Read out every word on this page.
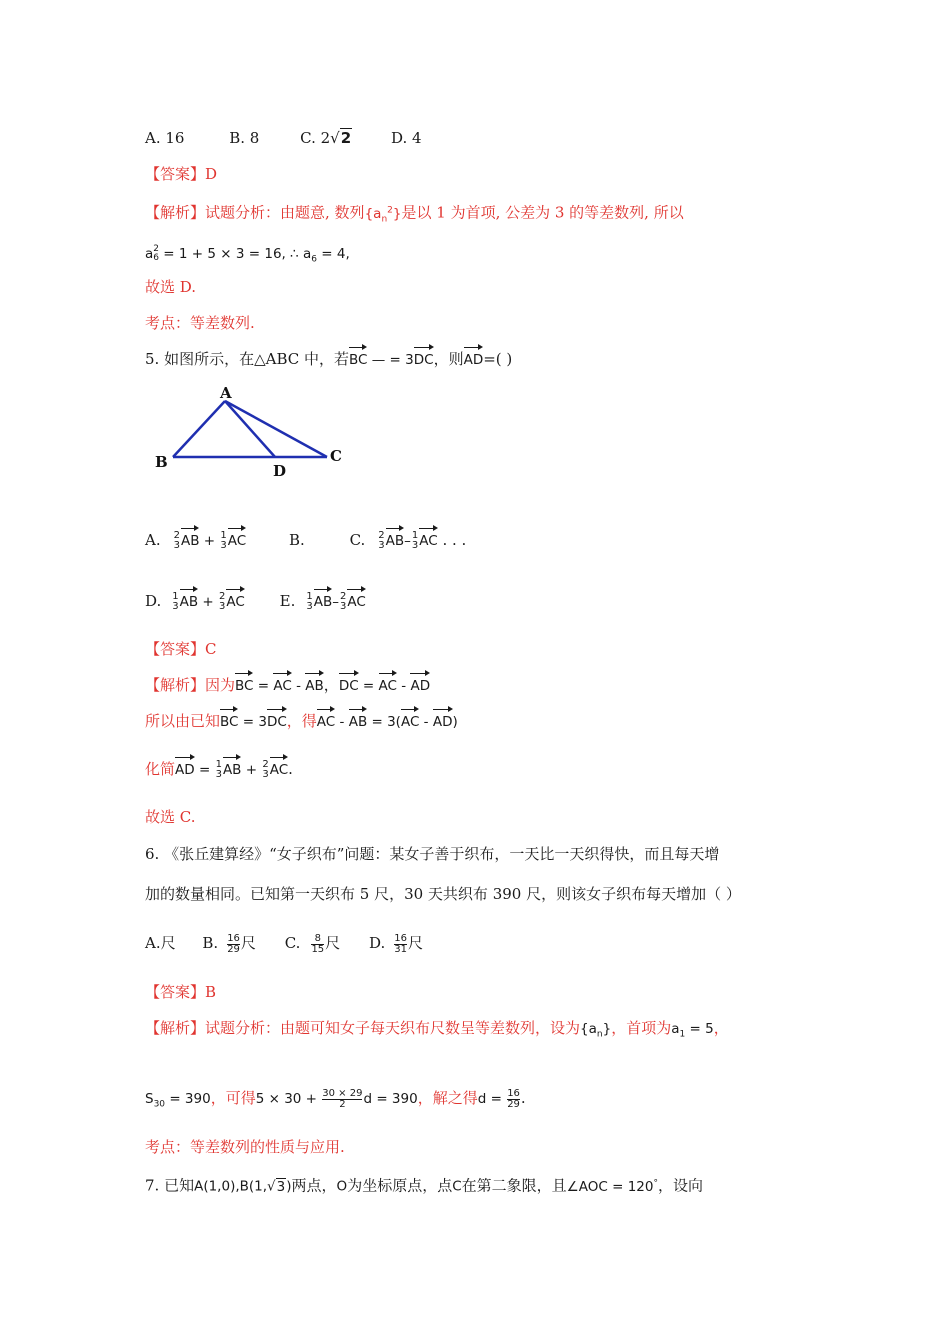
A. 16	B. 8	C. 2√2	D. 4
【答案】D
【解析】试题分析：由题意, 数列$\{a_n^2\}$是以 1 为首项, 公差为 3 的等差数列, 所以
a 2
6 = 1 + 5 × 3 = 16, ∴ $a_6 = 4$,
故选 D.
考点：等差数列.
5. 如图所示，在△ABC 中，若BC — = 3DC，则AD=( )
A
B	C
D
A. 2
3 AB + 1
3 AC	B.	C. 2
3 AB– 1
3 AC . . .
D. 1
3 AB + 2
3 AC E. 1
3 AB– 2
3 AC
【答案】C
【解析】因为BC = AC - AB，DC = AC - AD
所以由已知BC = 3DC，得AC - AB = 3(AC - AD)
化简AD = 1
3 AB + 2
3 AC.
故选 C.
6. 《张丘建算经》“女子织布”问题：某女子善于织布，一天比一天织得快，而且每天增
加的数量相同。已知第一天织布 5 尺，30 天共织布 390 尺，则该女子织布每天增加（ ）
A.尺 B. $\frac{16}{29}$ 尺 C. $\frac{8}{15}$ 尺 D. $\frac{16}{31}$ 尺
【答案】B
【解析】试题分析：由题可知女子每天织布尺数呈等差数列，设为$\{a_n\}$，首项为$a_1 = 5$，
$S_{30} = 390$，可得$5 \times 30 + \frac{30 \times 29}{2}$ d = 390，解之得$d = \frac{16}{29}$ .
考点：等差数列的性质与应用.
7. 已知A(1,0),B(1,√3)两点，O为坐标原点，点C在第二象限，且∠AOC = 120°，设向
